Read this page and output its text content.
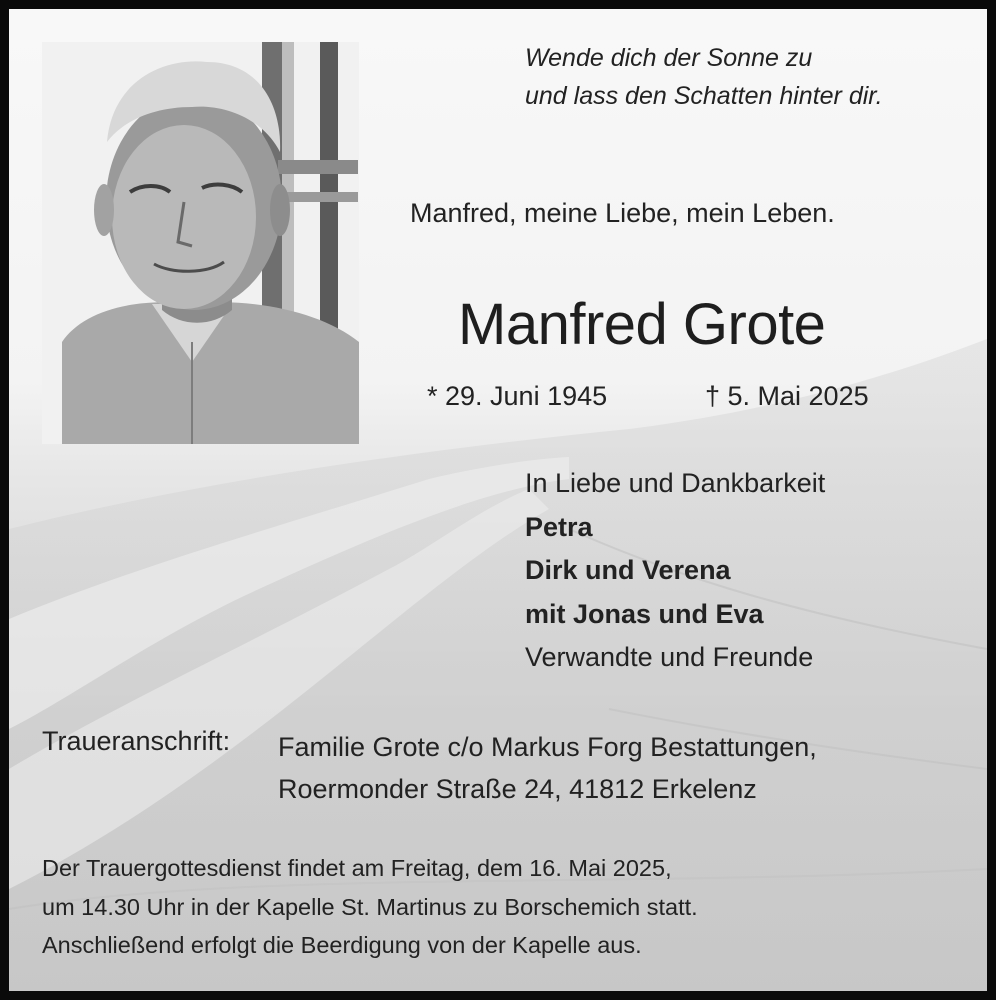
Wende dich der Sonne zu
und lass den Schatten hinter dir.

Manfred, meine Liebe, mein Leben.

Manfred Grote

* 29. Juni 1945	† 5. Mai 2025

In Liebe und Dankbarkeit
Petra
Dirk und Verena
mit Jonas und Eva
Verwandte und Freunde

Traueranschrift: Familie Grote c/o Markus Forg Bestattungen,
Roermonder Straße 24, 41812 Erkelenz
Der Trauergottesdienst findet am Freitag, dem 16. Mai 2025,
um 14.30 Uhr in der Kapelle St. Martinus zu Borschemich statt.
Anschließend erfolgt die Beerdigung von der Kapelle aus.
